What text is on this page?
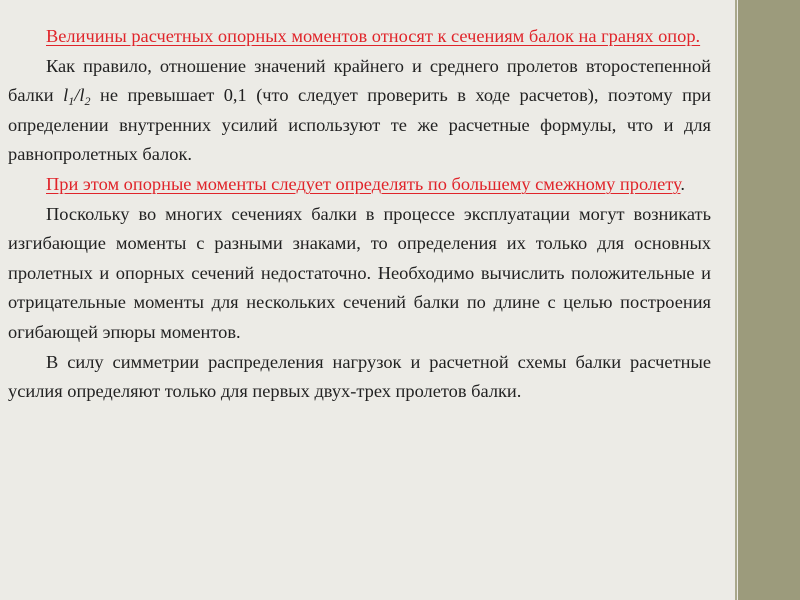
Величины расчетных опорных моментов относят к сечениям балок на гранях опор.

Как правило, отношение значений крайнего и среднего пролетов второстепенной балки $l_1/l_2$ не превышает 0,1 (что следует проверить в ходе расчетов), поэтому при определении внутренних усилий используют те же расчетные формулы, что и для равнопролетных балок.

При этом опорные моменты следует определять по большему смежному пролету.

Поскольку во многих сечениях балки в процессе эксплуатации могут возникать изгибающие моменты с разными знаками, то определения их только для основных пролетных и опорных сечений недостаточно. Необходимо вычислить положительные и отрицательные моменты для нескольких сечений балки по длине с целью построения огибающей эпюры моментов.

В силу симметрии распределения нагрузок и расчетной схемы балки расчетные усилия определяют только для первых двух-трех пролетов балки.
